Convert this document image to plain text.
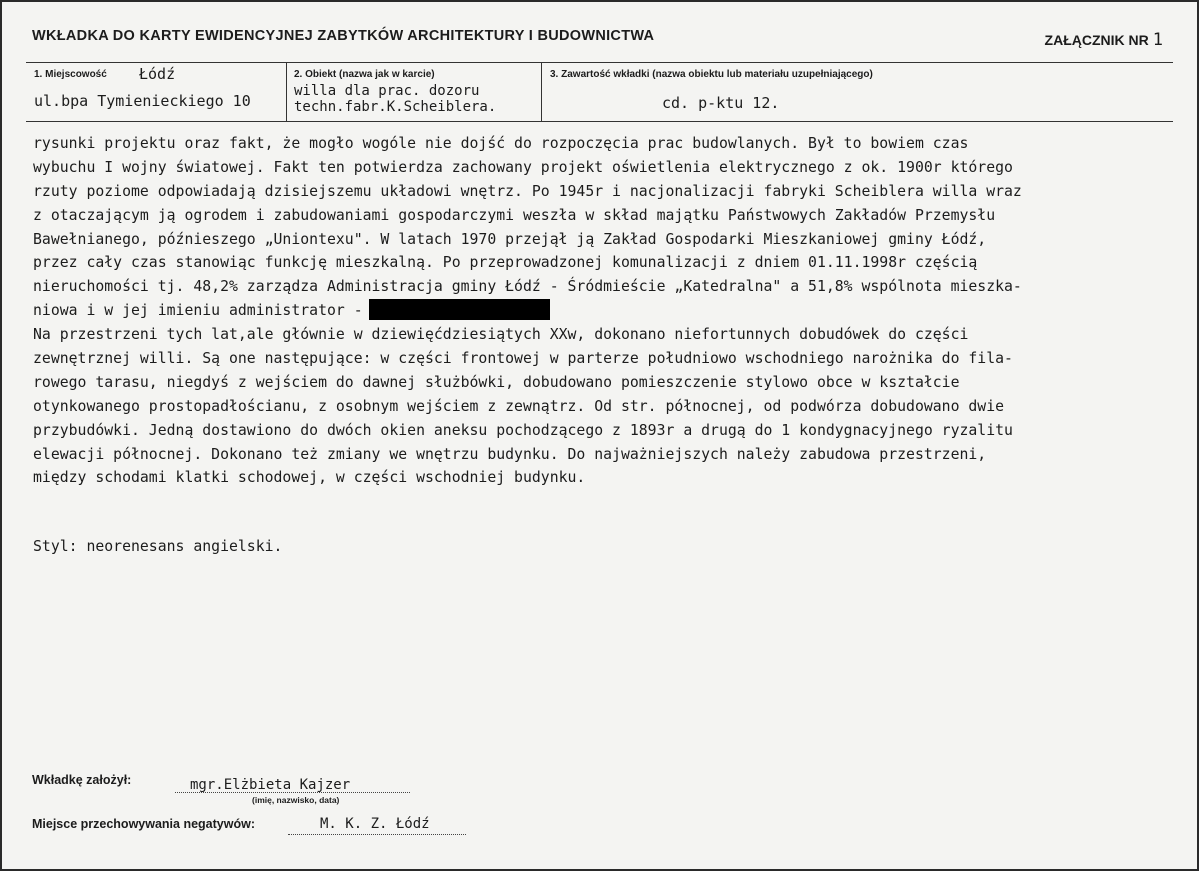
WKŁADKA DO KARTY EWIDENCYJNEJ ZABYTKÓW ARCHITEKTURY I BUDOWNICTWA	ZAŁĄCZNIK NR 1
1. Miejscowość Łódź
ul.bpa Tymienieckiego 10
2. Obiekt (nazwa jak w karcie)
willa dla prac. dozoru
techn.fabr.K.Scheiblera.
3. Zawartość wkładki (nazwa obiektu lub materiału uzupełniającego)
cd. p-ktu 12.
rysunki projektu oraz fakt, że mogło wogóle nie dojść do rozpoczęcia prac budowlanych. Był to bowiem czas
wybuchu I wojny światowej. Fakt ten potwierdza zachowany projekt oświetlenia elektrycznego z ok. 1900r którego
rzuty poziome odpowiadają dzisiejszemu układowi wnętrz. Po 1945r i nacjonalizacji fabryki Scheiblera willa wraz
z otaczającym ją ogrodem i zabudowaniami gospodarczymi weszła w skład majątku Państwowych Zakładów Przemysłu
Bawełnianego, późnieszego „Uniontexu". W latach 1970 przejął ją Zakład Gospodarki Mieszkaniowej gminy Łódź,
przez cały czas stanowiąc funkcję mieszkalną. Po przeprowadzonej komunalizacji z dniem 01.11.1998r częścią
nieruchomości tj. 48,2% zarządza Administracja gminy Łódź - Śródmieście „Katedralna" a 51,8% wspólnota mieszka-
niowa i w jej imieniu administrator -
Na przestrzeni tych lat,ale głównie w dziewięćdziesiątych XXw, dokonano niefortunnych dobudówek do części
zewnętrznej willi. Są one następujące: w części frontowej w parterze południowo wschodniego narożnika do fila-
rowego tarasu, niegdyś z wejściem do dawnej służbówki, dobudowano pomieszczenie stylowo obce w kształcie
otynkowanego prostopadłościanu, z osobnym wejściem z zewnątrz. Od str. północnej, od podwórza dobudowano dwie
przybudówki. Jedną dostawiono do dwóch okien aneksu pochodzącego z 1893r a drugą do 1 kondygnacyjnego ryzalitu
elewacji północnej. Dokonano też zmiany we wnętrzu budynku. Do najważniejszych należy zabudowa przestrzeni,
między schodami klatki schodowej, w części wschodniej budynku.
Styl: neorenesans angielski.
Wkładkę założył:	mgr.Elżbieta Kajzer
(imię, nazwisko, data)
Miejsce przechowywania negatywów:	M. K. Z. Łódź
